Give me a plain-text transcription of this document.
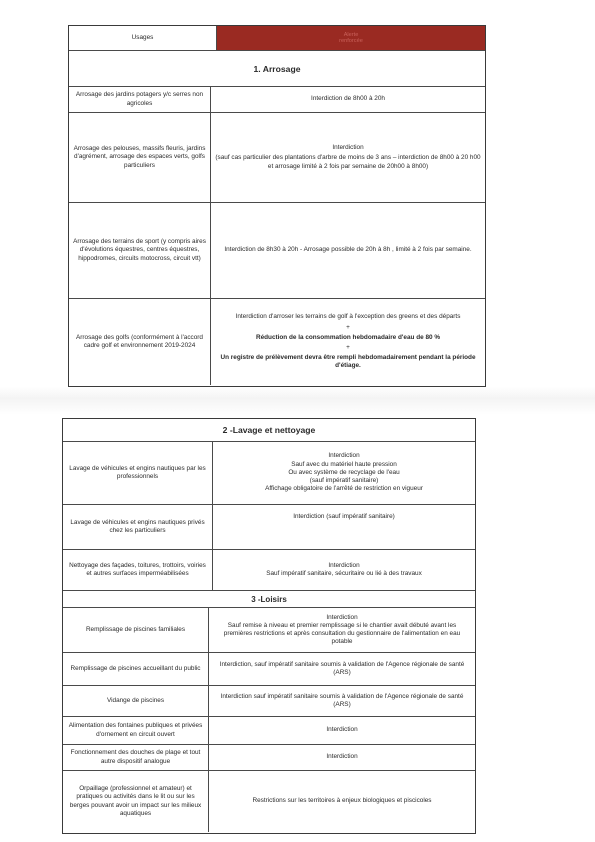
Usages	Alerte
renforcée
1. Arrosage
Arrosage des jardins potagers y/c serres non agricoles
Interdiction de 8h00 à 20h
Arrosage des pelouses, massifs fleuris, jardins d'agrément, arrosage des espaces verts, golfs particuliers
Interdiction
(sauf cas particulier des plantations d'arbre de moins de 3 ans – interdiction de 8h00 à 20 h00 et arrosage limité à 2 fois par semaine de 20h00 à 8h00)
Arrosage des terrains de sport (y compris aires d'évolutions équestres, centres équestres, hippodromes, circuits motocross, circuit vtt)
Interdiction de 8h30 à 20h - Arrosage possible de 20h à 8h , limité à 2 fois par semaine.
Arrosage des golfs (conformément à l'accord cadre golf et environnement 2019-2024
Interdiction d'arroser les terrains de golf à l'exception des greens et des départs
+
Réduction de la consommation hebdomadaire d'eau de 80 %
+
Un registre de prélèvement devra être rempli hebdomadairement pendant la période d'étiage.
2 -Lavage et nettoyage
Lavage de véhicules et engins nautiques par les professionnels
Interdiction
Sauf avec du matériel haute pression
Ou avec système de recyclage de l'eau
(sauf impératif sanitaire)
Affichage obligatoire de l'arrêté de restriction en vigueur
Lavage de véhicules et engins nautiques privés chez les particuliers
Interdiction (sauf impératif sanitaire)
Nettoyage des façades, toitures, trottoirs, voiries et autres surfaces imperméabilisées
Interdiction
Sauf impératif sanitaire, sécuritaire ou lié à des travaux
3 -Loisirs
Remplissage de piscines familiales
Interdiction
Sauf remise à niveau et premier remplissage si le chantier avait débuté avant les premières restrictions et après consultation du gestionnaire de l'alimentation en eau potable
Remplissage de piscines accueillant du public
Interdiction, sauf impératif sanitaire soumis à validation de l'Agence régionale de santé (ARS)
Vidange de piscines
Interdiction sauf impératif sanitaire soumis à validation de l'Agence régionale de santé (ARS)
Alimentation des fontaines publiques et privées d'ornement en circuit ouvert
Interdiction
Fonctionnement des douches de plage et tout autre dispositif analogue
Interdiction
Orpaillage (professionnel et amateur) et pratiques ou activités dans le lit ou sur les berges pouvant avoir un impact sur les milieux aquatiques
Restrictions sur les territoires à enjeux biologiques et piscicoles
